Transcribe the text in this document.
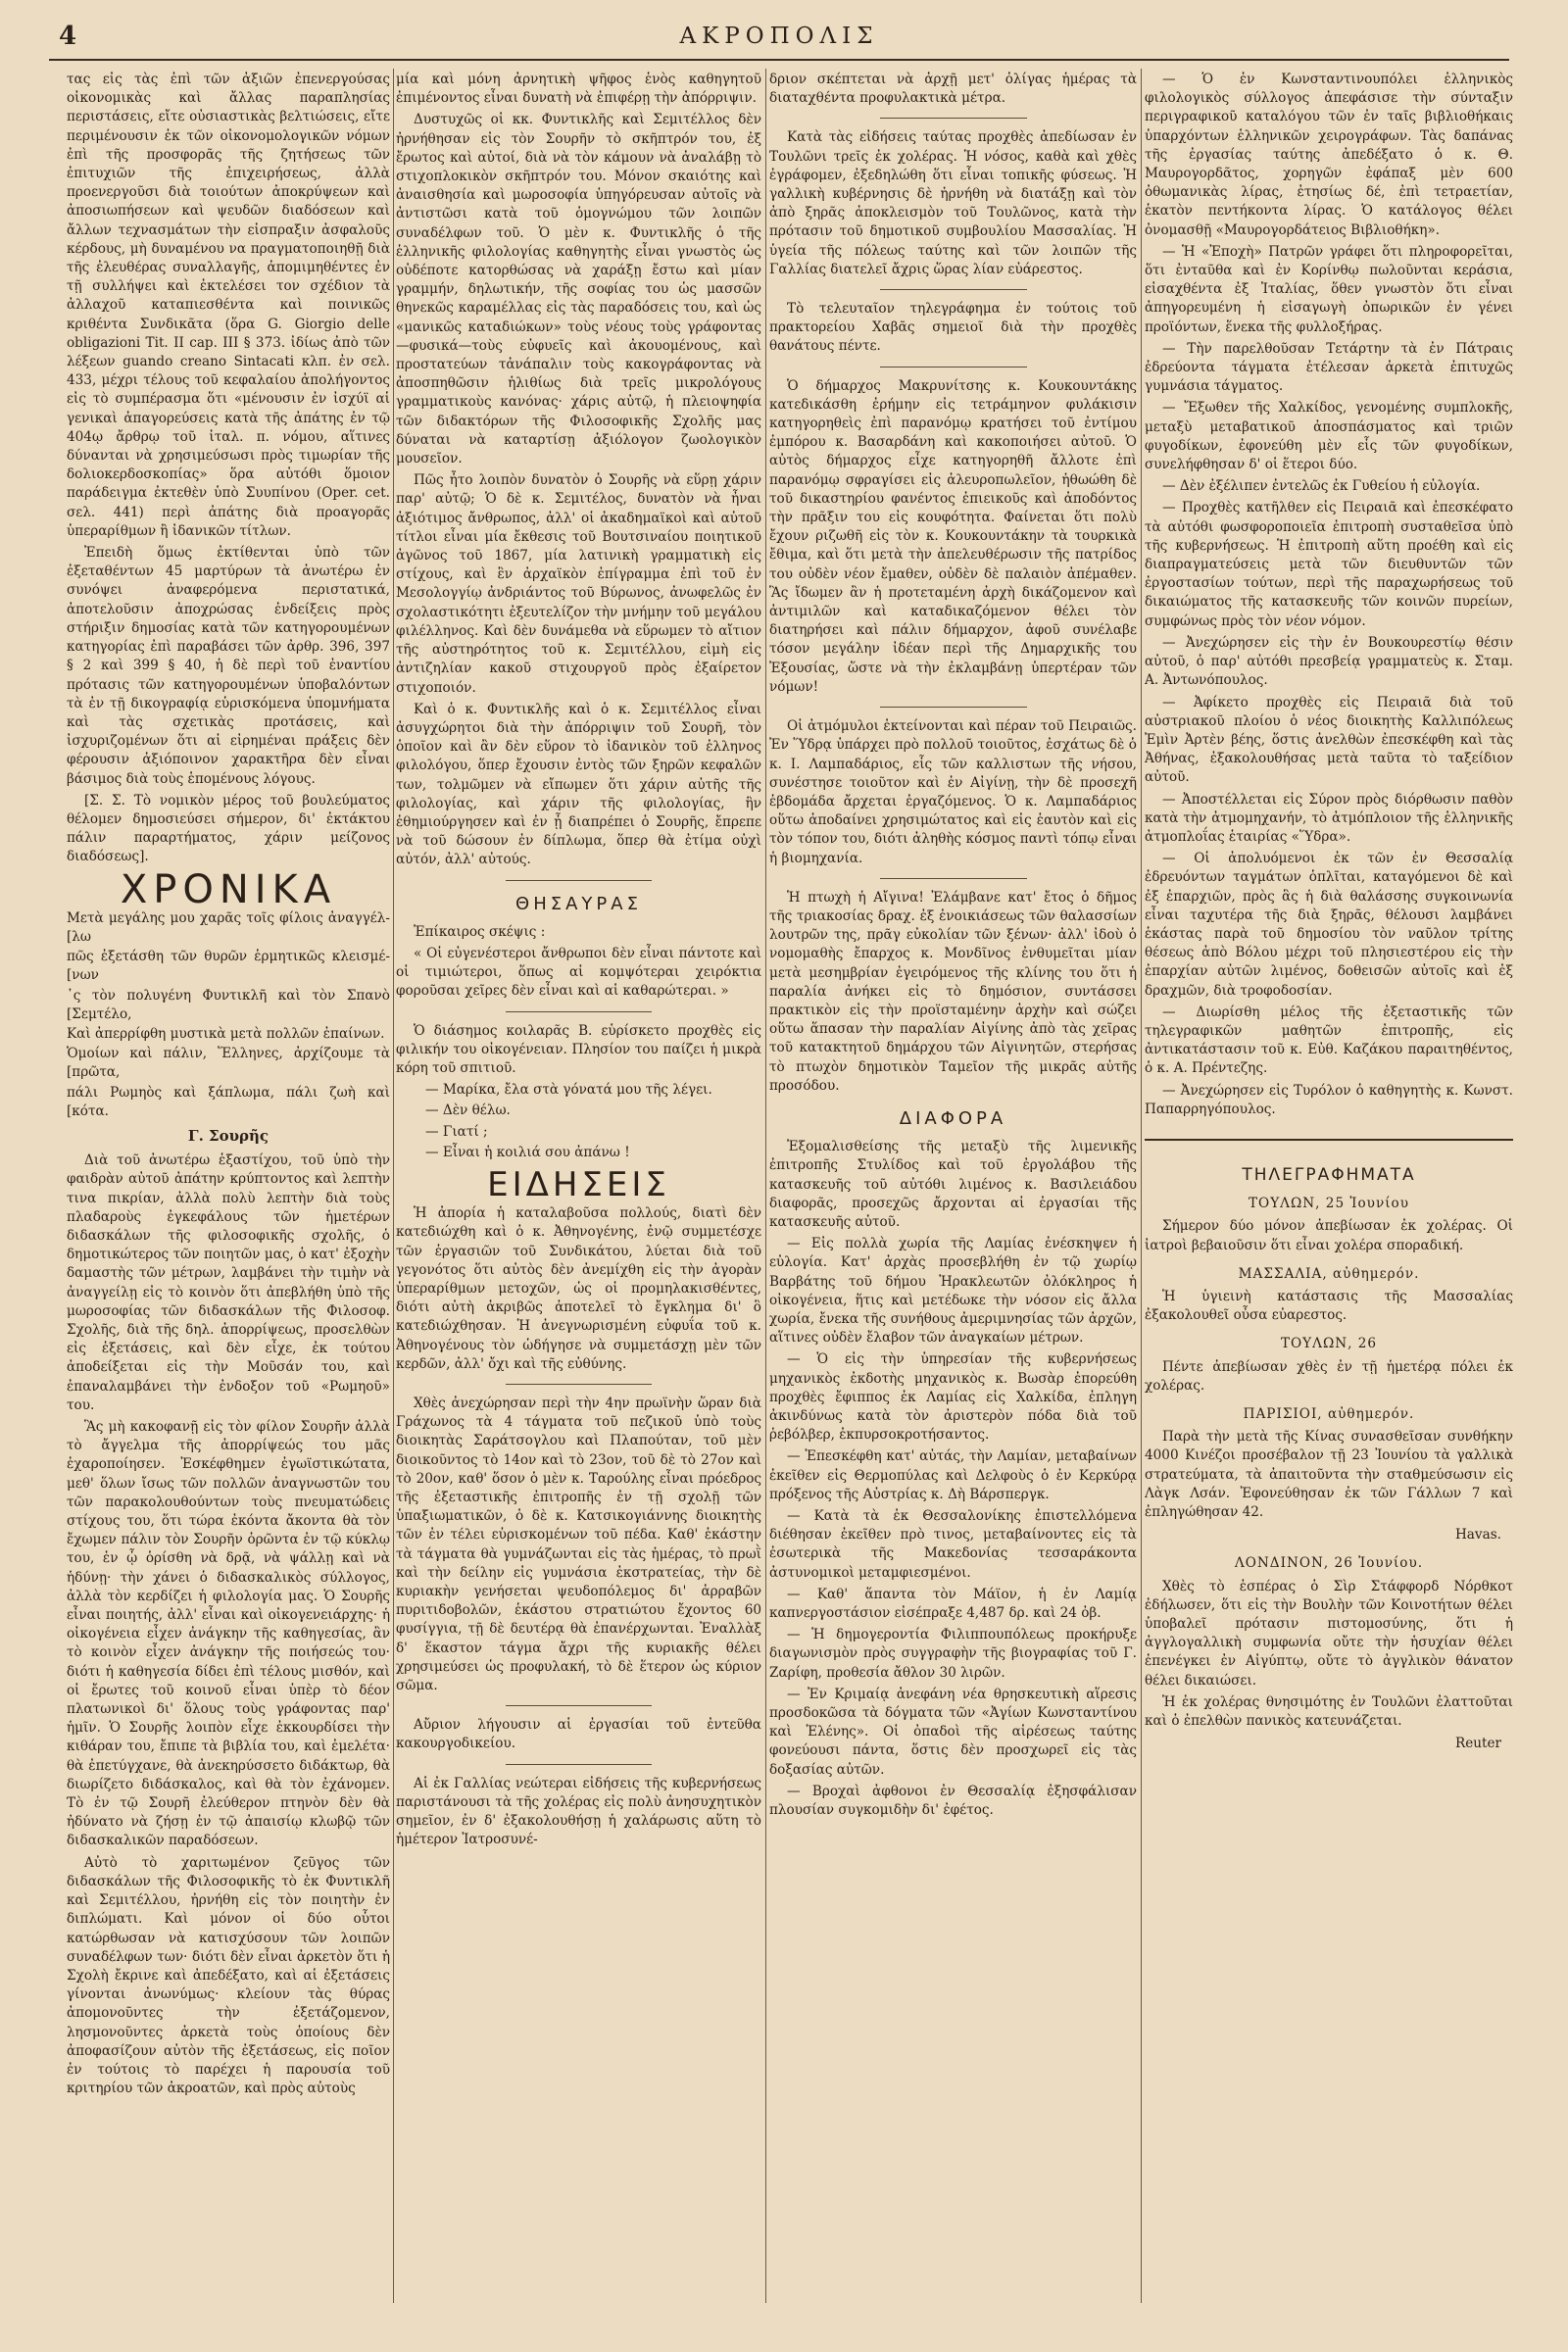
4	ΑΚΡΟΠΟΛΙΣ

τας εἰς τὰς ἐπὶ τῶν ἀξιῶν ἐπενεργούσας οἰκονομικὰς καὶ ἄλλας παραπλησίας περιστάσεις, εἴτε οὐσιαστικὰς βελτιώσεις, εἴτε περιμένουσιν ἐκ τῶν οἰκονομολογικῶν νόμων ἐπὶ τῆς προσφορᾶς τῆς ζητήσεως τῶν ἐπιτυχιῶν τῆς ἐπιχειρήσεως, ἀλλὰ προενεργοῦσι διὰ τοιούτων ἀποκρύψεων καὶ ἀποσιωπήσεων καὶ ψευδῶν διαδόσεων καὶ ἄλλων τεχνασμάτων τὴν εἰσπραξιν ἀσφαλοῦς κέρδους, μὴ δυναμένου να πραγματοποιηθῇ διὰ τῆς ἐλευθέρας συναλλαγῆς, ἀπομιμηθέντες ἐν τῇ συλλήψει καὶ ἐκτελέσει τον σχέδιον τὰ ἀλλαχοῦ καταπιεσθέντα καὶ ποινικῶς κριθέντα Συνδικᾶτα (ὅρα G. Giorgio delle obligazioni Tit. II cap. III § 373. ἰδίως ἀπὸ τῶν λέξεων guando creano Sintacati κλπ. ἐν σελ. 433, μέχρι τέλους τοῦ κεφαλαίου ἀπολήγοντος εἰς τὸ συμπέρασμα ὅτι «μένουσιν ἐν ἰσχύϊ αἱ γενικαὶ ἀπαγορεύσεις κατὰ τῆς ἀπάτης ἐν τῷ 404ῳ ἄρθρῳ τοῦ ἰταλ. π. νόμου, αἵτινες δύνανται νὰ χρησιμεύσωσι πρὸς τιμωρίαν τῆς δολιοκερδοσκοπίας» ὅρα αὐτόθι ὅμοιον παράδειγμα ἐκτεθὲν ὑπὸ Συυπίνου (Oper. cet. σελ. 441) περὶ ἀπάτης διὰ προαγορᾶς ὑπεραρίθμων ἢ ἰδανικῶν τίτλων.

Ἐπειδὴ ὅμως ἐκτίθενται ὑπὸ τῶν ἐξεταθέντων 45 μαρτύρων τὰ ἀνωτέρω ἐν συνόψει ἀναφερόμενα περιστατικά, ἀποτελοῦσιν ἀποχρώσας ἐνδείξεις πρὸς στήριξιν δημοσίας κατὰ τῶν κατηγορουμένων κατηγορίας ἐπὶ παραβάσει τῶν ἀρθρ. 396, 397 § 2 καὶ 399 § 40, ἡ δὲ περὶ τοῦ ἐναντίου πρότασις τῶν κατηγορουμένων ὑποβαλόντων τὰ ἐν τῇ δικογραφίᾳ εὑρισκόμενα ὑπομνήματα καὶ τὰς σχετικὰς προτάσεις, καὶ ἰσχυριζομένων ὅτι αἱ εἰρημέναι πράξεις δὲν φέρουσιν ἀξιόποινον χαρακτῆρα δὲν εἶναι βάσιμος διὰ τοὺς ἑπομένους λόγους.

[Σ. Σ. Τὸ νομικὸν μέρος τοῦ βουλεύματος θέλομεν δημοσιεύσει σήμερον, δι' ἐκτάκτου πάλιν παραρτήματος, χάριν μείζονος διαδόσεως].

ΧΡΟΝΙΚΑ

Μετὰ μεγάλης μου χαρᾶς τοῖς φίλοις ἀναγγέλ-[λω

πῶς ἐξετάσθη τῶν θυρῶν ἑρμητικῶς κλεισμέ-[νων

῾ς τὸν πολυγένη Φυντικλῆ καὶ τὸν Σπανὸ [Σεμτέλο,

Καὶ ἀπερρίφθη μυστικὰ μετὰ πολλῶν ἐπαίνων.

Ὁμοίων καὶ πάλιν, Ἕλληνες, ἀρχίζουμε τὰ [πρῶτα,

πάλι Ρωμηὸς καὶ ξάπλωμα, πάλι ζωὴ καὶ [κότα.

Γ. Σουρῆς

Διὰ τοῦ ἀνωτέρω ἑξαστίχου, τοῦ ὑπὸ τὴν φαιδρὰν αὐτοῦ ἀπάτην κρύπτοντος καὶ λεπτὴν τινα πικρίαν, ἀλλὰ πολὺ λεπτὴν διὰ τοὺς πλαδαροὺς ἐγκεφάλους τῶν ἡμετέρων διδασκάλων τῆς φιλοσοφικῆς σχολῆς, ὁ δημοτικώτερος τῶν ποιητῶν μας, ὁ κατ' ἐξοχὴν δαμαστὴς τῶν μέτρων, λαμβάνει τὴν τιμὴν νὰ ἀναγγείλῃ εἰς τὸ κοινὸν ὅτι ἀπεβλήθη ὑπὸ τῆς μωροσοφίας τῶν διδασκάλων τῆς Φιλοσοφ. Σχολῆς, διὰ τῆς δηλ. ἀπορρίψεως, προσελθὼν εἰς ἐξετάσεις, καὶ δὲν εἶχε, ἐκ τούτου ἀποδείξεται εἰς τὴν Μοῦσάν του, καὶ ἐπαναλαμβάνει τὴν ἐνδοξον τοῦ «Ρωμηοῦ» του.

Ἃς μὴ κακοφανῇ εἰς τὸν φίλον Σουρῆν ἀλλὰ τὸ ἄγγελμα τῆς ἀπορρίψεώς του μᾶς ἐχαροποίησεν. Ἐσκέφθημεν ἐγωϊστικώτατα, μεθ' ὅλων ἴσως τῶν πολλῶν ἀναγνωστῶν του τῶν παρακολουθούντων τοὺς πνευματώδεις στίχους του, ὅτι τώρα ἐκόντα ἄκοντα θὰ τὸν ἔχωμεν πάλιν τὸν Σουρῆν ὁρῶντα ἐν τῷ κύκλῳ του, ἐν ᾧ ὁρίσθη νὰ δρᾷ, νὰ ψάλλῃ καὶ νὰ ἡδύνῃ· τὴν χάνει ὁ διδασκαλικὸς σύλλογος, ἀλλὰ τὸν κερδίζει ἡ φιλολογία μας. Ὁ Σουρῆς εἶναι ποιητής, ἀλλ' εἶναι καὶ οἰκογενειάρχης· ἡ οἰκογένεια εἶχεν ἀνάγκην τῆς καθηγεσίας, ἂν τὸ κοινὸν εἶχεν ἀνάγκην τῆς ποιήσεώς του· διότι ἡ καθηγεσία δίδει ἐπὶ τέλους μισθόν, καὶ οἱ ἔρωτες τοῦ κοινοῦ εἶναι ὑπὲρ τὸ δέον πλατωνικοὶ δι' ὅλους τοὺς γράφοντας παρ' ἡμῖν. Ὁ Σουρῆς λοιπὸν εἶχε ἐκκουρδίσει τὴν κιθάραν του, ἔπιπε τὰ βιβλία του, καὶ ἐμελέτα· θὰ ἐπετύγχανε, θὰ ἀνεκηρύσσετο διδάκτωρ, θὰ διωρίζετο διδάσκαλος, καὶ θὰ τὸν ἐχάνομεν. Τὸ ἐν τῷ Σουρῆ ἐλεύθερον πτηνὸν δὲν θὰ ἠδύνατο νὰ ζήσῃ ἐν τῷ ἀπαισίῳ κλωβῷ τῶν διδασκαλικῶν παραδόσεων.

Αὐτὸ τὸ χαριτωμένον ζεῦγος τῶν διδασκάλων τῆς Φιλοσοφικῆς τὸ ἐκ Φυντικλῆ καὶ Σεμιτέλλου, ἠρνήθη εἰς τὸν ποιητὴν ἐν διπλώματι. Καὶ μόνον οἱ δύο οὗτοι κατώρθωσαν νὰ κατισχύσουν τῶν λοιπῶν συναδέλφων των· διότι δὲν εἶναι ἀρκετὸν ὅτι ἡ Σχολὴ ἔκρινε καὶ ἀπεδέξατο, καὶ αἱ ἐξετάσεις γίνονται ἀνωνύμως· κλείουν τὰς θύρας ἀπομονοῦντες τὴν ἐξετάζομενον, λησμονοῦντες ἀρκετὰ τοὺς ὁποίους δὲν ἀποφασίζουν αὐτὸν τῆς ἐξετάσεως, εἰς ποῖον ἐν τούτοις τὸ παρέχει ἡ παρουσία τοῦ κριτηρίου τῶν ἀκροατῶν, καὶ πρὸς αὐτοὺς

μία καὶ μόνη ἀρνητικὴ ψῆφος ἑνὸς καθηγητοῦ ἐπιμένοντος εἶναι δυνατὴ νὰ ἐπιφέρῃ τὴν ἀπόρριψιν.

Δυστυχῶς οἱ κκ. Φυντικλῆς καὶ Σεμιτέλλος δὲν ἠρνήθησαν εἰς τὸν Σουρῆν τὸ σκῆπτρόν του, ἐξ ἔρωτος καὶ αὐτοί, διὰ νὰ τὸν κάμουν νὰ ἀναλάβῃ τὸ στιχοπλοκικὸν σκῆπτρόν του. Μόνον σκαιότης καὶ ἀναισθησία καὶ μωροσοφία ὑπηγόρευσαν αὐτοῖς νὰ ἀντιστῶσι κατὰ τοῦ ὁμογνώμου τῶν λοιπῶν συναδέλφων τοῦ. Ὁ μὲν κ. Φυντικλῆς ὁ τῆς ἑλληνικῆς φιλολογίας καθηγητὴς εἶναι γνωστὸς ὡς οὐδέποτε κατορθώσας νὰ χαράξῃ ἔστω καὶ μίαν γραμμήν, δηλωτικήν, τῆς σοφίας του ὡς μασσῶν θηνεκῶς καραμέλλας εἰς τὰς παραδόσεις του, καὶ ὡς «μανικῶς καταδιώκων» τοὺς νέους τοὺς γράφοντας—φυσικά—τοὺς εὐφυεῖς καὶ ἀκουομένους, καὶ προστατεύων τἀνάπαλιν τοὺς κακογράφοντας νὰ ἀποσπηθῶσιν ἡλιθίως διὰ τρεῖς μικρολόγους γραμματικοὺς κανόνας· χάρις αὐτῷ, ἡ πλειοψηφία τῶν διδακτόρων τῆς Φιλοσοφικῆς Σχολῆς μας δύναται νὰ καταρτίσῃ ἀξιόλογον ζωολογικὸν μουσεῖον.

Πῶς ἦτο λοιπὸν δυνατὸν ὁ Σουρῆς νὰ εὕρῃ χάριν παρ' αὐτῷ; Ὁ δὲ κ. Σεμιτέλος, δυνατὸν νὰ ἦναι ἀξιότιμος ἄνθρωπος, ἀλλ' οἱ ἀκαδημαϊκοὶ καὶ αὐτοῦ τίτλοι εἶναι μία ἔκθεσις τοῦ Βουτσιναίου ποιητικοῦ ἀγῶνος τοῦ 1867, μία λατινικὴ γραμματικὴ εἰς στίχους, καὶ ἓν ἀρχαϊκὸν ἐπίγραμμα ἐπὶ τοῦ ἐν Μεσολογγίῳ ἀνδριάντος τοῦ Βύρωνος, ἀνωφελῶς ἐν σχολαστικότητι ἐξευτελίζον τὴν μνήμην τοῦ μεγάλου φιλέλληνος. Καὶ δὲν δυνάμεθα νὰ εὕρωμεν τὸ αἴτιον τῆς αὐστηρότητος τοῦ κ. Σεμιτέλλου, εἰμὴ εἰς ἀντιζηλίαν κακοῦ στιχουργοῦ πρὸς ἐξαίρετον στιχοποιόν.

Καὶ ὁ κ. Φυντικλῆς καὶ ὁ κ. Σεμιτέλλος εἶναι ἀσυγχώρητοι διὰ τὴν ἀπόρριψιν τοῦ Σουρῆ, τὸν ὁποῖον καὶ ἂν δὲν εὕρον τὸ ἰδανικὸν τοῦ ἑλληνος φιλολόγου, ὅπερ ἔχουσιν ἐντὸς τῶν ξηρῶν κεφαλῶν των, τολμῶμεν νὰ εἴπωμεν ὅτι χάριν αὐτῆς τῆς φιλολογίας, καὶ χάριν τῆς φιλολογίας, ἣν ἐθημιούργησεν καὶ ἐν ᾗ διαπρέπει ὁ Σουρῆς, ἔπρεπε νὰ τοῦ δώσουν ἐν δίπλωμα, ὅπερ θὰ ἐτίμα οὐχὶ αὐτόν, ἀλλ' αὐτούς.

ΘΗΣΑΥΡΑΣ

Ἐπίκαιρος σκέψις :

« Οἱ εὐγενέστεροι ἄνθρωποι δὲν εἶναι πάντοτε καὶ οἱ τιμιώτεροι, ὅπως αἱ κομψότεραι χειρόκτια φοροῦσαι χεῖρες δὲν εἶναι καὶ αἱ καθαρώτεραι. »

Ὁ διάσημος κοιλαρᾶς Β. εὑρίσκετο προχθὲς εἰς φιλικήν του οἰκογένειαν. Πλησίον του παίζει ἡ μικρὰ κόρη τοῦ σπιτιοῦ.

— Μαρίκα, ἔλα στὰ γόνατά μου τῆς λέγει.

— Δὲν θέλω.

— Γιατί ;

— Εἶναι ἡ κοιλιά σου ἀπάνω !

ΕΙΔΗΣΕΙΣ

Ἡ ἀπορία ἡ καταλαβοῦσα πολλούς, διατὶ δὲν κατεδιώχθη καὶ ὁ κ. Ἀθηνογένης, ἐνῷ συμμετέσχε τῶν ἐργασιῶν τοῦ Συνδικάτου, λύεται διὰ τοῦ γεγονότος ὅτι αὐτὸς δὲν ἀνεμίχθη εἰς τὴν ἀγορὰν ὑπεραρίθμων μετοχῶν, ὡς οἱ προμηλακισθέντες, διότι αὐτὴ ἀκριβῶς ἀποτελεῖ τὸ ἔγκλημα δι' ὃ κατεδιώχθησαν. Ἡ ἀνεγνωρισμένη εὐφυΐα τοῦ κ. Ἀθηνογένους τὸν ὡδήγησε νὰ συμμετάσχῃ μὲν τῶν κερδῶν, ἀλλ' ὄχι καὶ τῆς εὐθύνης.

Χθὲς ἀνεχώρησαν περὶ τὴν 4ην πρωϊνὴν ὥραν διὰ Γράχωνος τὰ 4 τάγματα τοῦ πεζικοῦ ὑπὸ τοὺς διοικητὰς Σαράτσογλου καὶ Πλαπούταν, τοῦ μὲν διοικοῦντος τὸ 14ον καὶ τὸ 23ον, τοῦ δὲ τὸ 27ον καὶ τὸ 20ον, καθ' ὅσον ὁ μὲν κ. Ταρούλης εἶναι πρόεδρος τῆς ἐξεταστικῆς ἐπιτροπῆς ἐν τῇ σχολῇ τῶν ὑπαξιωματικῶν, ὁ δὲ κ. Κατσικογιάννης διοικητὴς τῶν ἐν τέλει εὑρισκομένων τοῦ πέδα. Καθ' ἑκάστην τὰ τάγματα θὰ γυμνάζωνται εἰς τὰς ἡμέρας, τὸ πρωῒ καὶ τὴν δείλην εἰς γυμνάσια ἐκστρατείας, τὴν δὲ κυριακὴν γενήσεται ψευδοπόλεμος δι' ἀρραβῶν πυριτιδοβολῶν, ἑκάστου στρατιώτου ἔχοντος 60 φυσίγγια, τῇ δὲ δευτέρᾳ θὰ ἐπανέρχωνται. Ἐναλλὰξ δ' ἕκαστον τάγμα ἄχρι τῆς κυριακῆς θέλει χρησιμεύσει ὡς προφυλακή, τὸ δὲ ἕτερον ὡς κύριον σῶμα.

Αὔριον λήγουσιν αἱ ἐργασίαι τοῦ ἐντεῦθα κακουργοδικείου.

Αἱ ἐκ Γαλλίας νεώτεραι εἰδήσεις τῆς κυβερνήσεως παριστάνουσι τὰ τῆς χολέρας εἰς πολὺ ἀνησυχητικὸν σημεῖον, ἐν δ' ἐξακολουθήσῃ ἡ χαλάρωσις αὕτη τὸ ἡμέτερον Ἰατροσυνέ-

δριον σκέπτεται νὰ ἀρχῇ μετ' ὀλίγας ἡμέρας τὰ διαταχθέντα προφυλακτικὰ μέτρα.

Κατὰ τὰς εἰδήσεις ταύτας προχθὲς ἀπεδίωσαν ἐν Τουλῶνι τρεῖς ἐκ χολέρας. Ἡ νόσος, καθὰ καὶ χθὲς ἐγράφομεν, ἐξεδηλώθη ὅτι εἶναι τοπικῆς φύσεως. Ἡ γαλλικὴ κυβέρνησις δὲ ἠρνήθη νὰ διατάξῃ καὶ τὸν ἀπὸ ξηρᾶς ἀποκλεισμὸν τοῦ Τουλῶνος, κατὰ τὴν πρότασιν τοῦ δημοτικοῦ συμβουλίου Μασσαλίας. Ἡ ὑγεία τῆς πόλεως ταύτης καὶ τῶν λοιπῶν τῆς Γαλλίας διατελεῖ ἄχρις ὥρας λίαν εὐάρεστος.

Τὸ τελευταῖον τηλεγράφημα ἐν τούτοις τοῦ πρακτορείου Χαβᾶς σημειοῖ διὰ τὴν προχθὲς θανάτους πέντε.

Ὁ δήμαρχος Μακρυνίτσης κ. Κουκουντάκης κατεδικάσθη ἐρήμην εἰς τετράμηνον φυλάκισιν κατηγορηθεὶς ἐπὶ παρανόμῳ κρατήσει τοῦ ἐντίμου ἐμπόρου κ. Βασαρδάνη καὶ κακοποιήσει αὐτοῦ. Ὁ αὐτὸς δήμαρχος εἶχε κατηγορηθῆ ἄλλοτε ἐπὶ παρανόμῳ σφραγίσει εἰς ἀλευροπωλεῖον, ἡθωώθη δὲ τοῦ δικαστηρίου φανέντος ἐπιεικοῦς καὶ ἀποδόντος τὴν πρᾶξιν του εἰς κουφότητα. Φαίνεται ὅτι πολὺ ἔχουν ριζωθῆ εἰς τὸν κ. Κουκουντάκην τὰ τουρκικὰ ἔθιμα, καὶ ὅτι μετὰ τὴν ἀπελευθέρωσιν τῆς πατρίδος του οὐδὲν νέον ἔμαθεν, οὐδὲν δὲ παλαιὸν ἀπέμαθεν. Ἃς ἴδωμεν ἂν ἡ προτεταμένη ἀρχὴ δικάζομενον καὶ ἀντιμιλῶν καὶ καταδικαζόμενον θέλει τὸν διατηρήσει καὶ πάλιν δήμαρχον, ἀφοῦ συνέλαβε τόσον μεγάλην ἰδέαν περὶ τῆς Δημαρχικῆς του Ἐξουσίας, ὥστε νὰ τὴν ἐκλαμβάνῃ ὑπερτέραν τῶν νόμων!

Οἱ ἀτμόμυλοι ἐκτείνονται καὶ πέραν τοῦ Πειραιῶς. Ἐν Ὕδρᾳ ὑπάρχει πρὸ πολλοῦ τοιοῦτος, ἐσχάτως δὲ ὁ κ. Ι. Λαμπαδάριος, εἷς τῶν καλλιστων τῆς νήσου, συνέστησε τοιοῦτον καὶ ἐν Αἰγίνῃ, τὴν δὲ προσεχῆ ἑβδομάδα ἄρχεται ἐργαζόμενος. Ὁ κ. Λαμπαδάριος οὕτω ἀποδαίνει χρησιμώτατος καὶ εἰς ἑαυτὸν καὶ εἰς τὸν τόπον του, διότι ἀληθὴς κόσμος παντὶ τόπῳ εἶναι ἡ βιομηχανία.

Ἡ πτωχὴ ἡ Αἴγινα! Ἐλάμβανε κατ' ἔτος ὁ δῆμος τῆς τριακοσίας δραχ. ἐξ ἐνοικιάσεως τῶν θαλασσίων λουτρῶν της, πρᾶγ εὐκολίαν τῶν ξένων· ἀλλ' ἰδοὺ ὁ νομομαθὴς ἔπαρχος κ. Μονδῖνος ἐνθυμεῖται μίαν μετὰ μεσημβρίαν ἐγειρόμενος τῆς κλίνης του ὅτι ἡ παραλία ἀνήκει εἰς τὸ δημόσιον, συντάσσει πρακτικὸν εἰς τὴν προϊσταμένην ἀρχὴν καὶ σώζει οὕτω ἅπασαν τὴν παραλίαν Αἰγίνης ἀπὸ τὰς χεῖρας τοῦ κατακτητοῦ δημάρχου τῶν Αἰγινητῶν, στερήσας τὸ πτωχὸν δημοτικὸν Ταμεῖον τῆς μικρᾶς αὐτῆς προσόδου.

ΔΙΑΦΟΡΑ

Ἐξομαλισθείσης τῆς μεταξὺ τῆς λιμενικῆς ἐπιτροπῆς Στυλίδος καὶ τοῦ ἐργολάβου τῆς κατασκευῆς τοῦ αὐτόθι λιμένος κ. Βασιλειάδου διαφορᾶς, προσεχῶς ἄρχονται αἱ ἐργασίαι τῆς κατασκευῆς αὐτοῦ.

— Εἰς πολλὰ χωρία τῆς Λαμίας ἐνέσκηψεν ἡ εὐλογία. Κατ' ἀρχὰς προσεβλήθη ἐν τῷ χωρίῳ Βαρβάτης τοῦ δήμου Ἡρακλεωτῶν ὀλόκληρος ἡ οἰκογένεια, ἥτις καὶ μετέδωκε τὴν νόσον εἰς ἄλλα χωρία, ἔνεκα τῆς συνήθους ἀμεριμνησίας τῶν ἀρχῶν, αἵτινες οὐδὲν ἔλαβον τῶν ἀναγκαίων μέτρων.

— Ὁ εἰς τὴν ὑπηρεσίαν τῆς κυβερνήσεως μηχανικὸς ἐκδοτὴς μηχανικὸς κ. Βωσὰρ ἐπορεύθη προχθὲς ἔφιππος ἐκ Λαμίας εἰς Χαλκίδα, ἐπληγη ἀκινδύνως κατὰ τὸν ἀριστερὸν πόδα διὰ τοῦ ῥεβόλβερ, ἐκπυρσοκροτήσαντος.

— Ἐπεσκέφθη κατ' αὐτάς, τὴν Λαμίαν, μεταβαίνων ἐκεῖθεν εἰς Θερμοπύλας καὶ Δελφοὺς ὁ ἐν Κερκύρᾳ πρόξενος τῆς Αὐστρίας κ. Δὴ Βάρσπεργκ.

— Κατὰ τὰ ἐκ Θεσσαλονίκης ἐπιστελλόμενα διέθησαν ἐκεῖθεν πρὸ τινος, μεταβαίνοντες εἰς τὰ ἐσωτερικὰ τῆς Μακεδονίας τεσσαράκοντα ἀστυνομικοὶ μεταμφιεσμένοι.

— Καθ' ἅπαντα τὸν Μάϊον, ἡ ἐν Λαμίᾳ καπνεργοστάσιον εἰσέπραξε 4,487 δρ. καὶ 24 ὀβ.

— Ἡ δημογεροντία Φιλιππουπόλεως προκήρυξε διαγωνισμὸν πρὸς συγγραφὴν τῆς βιογραφίας τοῦ Γ. Ζαρίφη, προθεσία ἄθλον 30 λιρῶν.

— Ἐν Κριμαίᾳ ἀνεφάνη νέα θρησκευτικὴ αἵρεσις προσδοκῶσα τὰ δόγματα τῶν «Ἀγίων Κωνσταντίνου καὶ Ἑλένης». Οἱ ὀπαδοὶ τῆς αἱρέσεως ταύτης φονεύουσι πάντα, ὅστις δὲν προσχωρεῖ εἰς τὰς δοξασίας αὐτῶν.

— Βροχαὶ ἀφθονοι ἐν Θεσσαλίᾳ ἐξησφάλισαν πλουσίαν συγκομιδὴν δι' ἐφέτος.

— Ὁ ἐν Κωνσταντινουπόλει ἑλληνικὸς φιλολογικὸς σύλλογος ἀπεφάσισε τὴν σύνταξιν περιγραφικοῦ καταλόγου τῶν ἐν ταῖς βιβλιοθήκαις ὑπαρχόντων ἑλληνικῶν χειρογράφων. Τὰς δαπάνας τῆς ἐργασίας ταύτης ἀπεδέξατο ὁ κ. Θ. Μαυρογορδᾶτος, χορηγῶν ἐφάπαξ μὲν 600 ὀθωμανικὰς λίρας, ἐτησίως δέ, ἐπὶ τετραετίαν, ἑκατὸν πεντήκοντα λίρας. Ὁ κατάλογος θέλει ὀνομασθῇ «Μαυρογορδάτειος Βιβλιοθήκη».

— Ἡ «Ἐποχὴ» Πατρῶν γράφει ὅτι πληροφορεῖται, ὅτι ἐνταῦθα καὶ ἐν Κορίνθῳ πωλοῦνται κεράσια, εἰσαχθέντα ἐξ Ἰταλίας, ὅθεν γνωστὸν ὅτι εἶναι ἀπηγορευμένη ἡ εἰσαγωγὴ ὀπωρικῶν ἐν γένει προϊόντων, ἕνεκα τῆς φυλλοξήρας.

— Τὴν παρελθοῦσαν Τετάρτην τὰ ἐν Πάτραις ἑδρεύοντα τάγματα ἐτέλεσαν ἀρκετὰ ἐπιτυχῶς γυμνάσια τάγματος.

— Ἔξωθεν τῆς Χαλκίδος, γενομένης συμπλοκῆς, μεταξὺ μεταβατικοῦ ἀποσπάσματος καὶ τριῶν φυγοδίκων, ἐφονεύθη μὲν εἷς τῶν φυγοδίκων, συνελήφθησαν δ' οἱ ἕτεροι δύο.

— Δὲν ἐξέλιπεν ἐντελῶς ἐκ Γυθείου ἡ εὐλογία.

— Προχθὲς κατῆλθεν εἰς Πειραιᾶ καὶ ἐπεσκέφατο τὰ αὐτόθι φωσφοροποιεῖα ἐπιτροπὴ συσταθεῖσα ὑπὸ τῆς κυβερνήσεως. Ἡ ἐπιτροπὴ αὕτη προέθη καὶ εἰς διαπραγματεύσεις μετὰ τῶν διευθυντῶν τῶν ἐργοστασίων τούτων, περὶ τῆς παραχωρήσεως τοῦ δικαιώματος τῆς κατασκευῆς τῶν κοινῶν πυρείων, συμφώνως πρὸς τὸν νέον νόμον.

— Ἀνεχώρησεν εἰς τὴν ἐν Βουκουρεστίῳ θέσιν αὐτοῦ, ὁ παρ' αὐτόθι πρεσβείᾳ γραμματεὺς κ. Σταμ. Α. Ἀντωνόπουλος.

— Ἀφίκετο προχθὲς εἰς Πειραιᾶ διὰ τοῦ αὐστριακοῦ πλοίου ὁ νέος διοικητὴς Καλλιπόλεως Ἐμὶν Ἀρτὲν βέης, ὅστις ἀνελθὼν ἐπεσκέφθη καὶ τὰς Ἀθήνας, ἐξακολουθήσας μετὰ ταῦτα τὸ ταξείδιον αὐτοῦ.

— Ἀποστέλλεται εἰς Σύρον πρὸς διόρθωσιν παθὸν κατὰ τὴν ἀτμομηχανήν, τὸ ἀτμόπλοιον τῆς ἑλληνικῆς ἀτμοπλοΐας ἑταιρίας «Ὕδρα».

— Οἱ ἀπολυόμενοι ἐκ τῶν ἐν Θεσσαλίᾳ ἑδρευόντων ταγμάτων ὁπλῖται, καταγόμενοι δὲ καὶ ἐξ ἐπαρχιῶν, πρὸς ἃς ἡ διὰ θαλάσσης συγκοινωνία εἶναι ταχυτέρα τῆς διὰ ξηρᾶς, θέλουσι λαμβάνει ἑκάστας παρὰ τοῦ δημοσίου τὸν ναῦλον τρίτης θέσεως ἀπὸ Βόλου μέχρι τοῦ πλησιεστέρου εἰς τὴν ἐπαρχίαν αὐτῶν λιμένος, δοθεισῶν αὐτοῖς καὶ ἐξ δραχμῶν, διὰ τροφοδοσίαν.

— Διωρίσθη μέλος τῆς ἐξεταστικῆς τῶν τηλεγραφικῶν μαθητῶν ἐπιτροπῆς, εἰς ἀντικατάστασιν τοῦ κ. Εὐθ. Καζάκου παραιτηθέντος, ὁ κ. Α. Πρέντεζης.

— Ἀνεχώρησεν εἰς Τυρόλον ὁ καθηγητὴς κ. Κωνστ. Παπαρρηγόπουλος.

ΤΗΛΕΓΡΑΦΗΜΑΤΑ
ΤΟΥΛΩΝ, 25 Ἰουνίου

Σήμερον δύο μόνον ἀπεβίωσαν ἐκ χολέρας. Οἱ ἰατροὶ βεβαιοῦσιν ὅτι εἶναι χολέρα σποραδική.

ΜΑΣΣΑΛΙΑ, αὐθημερόν.

Ἡ ὑγιεινὴ κατάστασις τῆς Μασσαλίας ἐξακολουθεῖ οὖσα εὐαρεστος.

ΤΟΥΛΩΝ, 26

Πέντε ἀπεβίωσαν χθὲς ἐν τῇ ἡμετέρᾳ πόλει ἐκ χολέρας.

ΠΑΡΙΣΙΟΙ, αὐθημερόν.

Παρὰ τὴν μετὰ τῆς Κίνας συνασθεῖσαν συνθήκην 4000 Κινέζοι προσέβαλον τῇ 23 Ἰουνίου τὰ γαλλικὰ στρατεύματα, τὰ ἀπαιτοῦντα τὴν σταθμεύσωσιν εἰς Λὰγκ Λσάν. Ἐφονεύθησαν ἐκ τῶν Γάλλων 7 καὶ ἐπληγώθησαν 42.

Havas.
ΛΟΝΔΙΝΟΝ, 26 Ἰουνίου.

Χθὲς τὸ ἑσπέρας ὁ Σὶρ Στάφφορδ Νόρθκοτ ἐδήλωσεν, ὅτι εἰς τὴν Βουλὴν τῶν Κοινοτήτων θέλει ὑποβαλεῖ πρότασιν πιστομοσύνης, ὅτι ἡ ἀγγλογαλλικὴ συμφωνία οὔτε τὴν ἡσυχίαν θέλει ἐπενέγκει ἐν Αἰγύπτῳ, οὔτε τὸ ἀγγλικὸν θάνατον θέλει δικαιώσει.

Ἡ ἐκ χολέρας θνησιμότης ἐν Τουλῶνι ἐλαττοῦται καὶ ὁ ἐπελθὼν πανικὸς κατευνάζεται.

Reuter
